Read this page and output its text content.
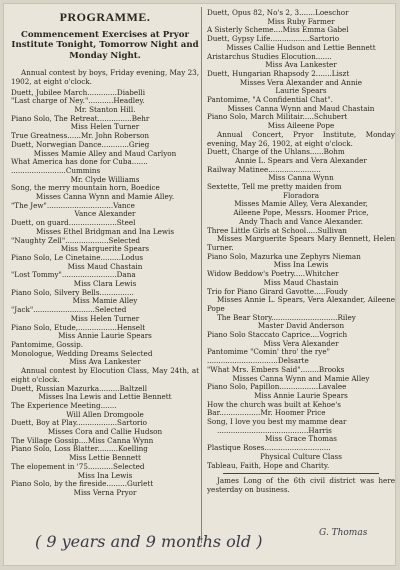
PROGRAMME.
Commencement Exercises at Pryor Institute Tonight, Tomorrow Night and Monday Night.
Annual contest by boys, Friday evening, May 23, 1902, at eight o'clock.
Duett, Jubilee March.............Diabelli
"Last charge of Ney."...........Headley.
Mr. Stanton Hill.
Piano Solo, The Retreat...............Behr
Miss Helen Turner
True Greatness......Mr. John Roberson
Duett, Norwegian Dance............Grieg
Misses Mamie Alley and Maud Carlyon
What America has done for Cuba.......
........................Cummins
Mr. Clyde Williams
Song, the merry mountain horn, Boedice
Misses Canna Wynn and Mamie Alley.
"The Jew".............................Vance
Vance Alexander
Duett, on guard.....................Steel
Misses Ethel Bridgman and Ina Lewis
"Naughty Zell"...................Selected
Miss Marguerite Spears
Piano Solo, Le Cinetaine.........Lodus
Miss Maud Chastain
"Lost Tommy"........................Dana
Miss Clara Lewis
Piano Solo, Silvery Bells...............
Miss Mamie Alley
"Jack"...........................Selected
Miss Helen Turner
Piano Solo, Etude,.................Henselt
Miss Annie Laurie Spears
Pantomime, Gossip.
Monologue, Wedding Dreams Selected
Miss Ava Lankester
Annual contest by Elocution Class, May 24th, at eight o'clock.
Duett, Russian Mazurka.........Baltzell
Misses Ina Lewis and Lettie Bennett
The Experience Meeting.......
Will Allen Dromgoole
Duett, Boy at Play..................Sartorio
Misses Cora and Callie Hudson
The Village Gossip....Miss Canna Wynn
Piano Solo, Loss Blatter.........Koelling
Miss Lettie Bennett
The elopement in '75...........Selected
Miss Ina Lewis
Piano Solo, by the fireside.........Gurlett
Miss Verna Pryor
Duett, Opus 82, No's 2, 3.......Loeschor
Miss Ruby Farmer
A Sisterly Scheme....Miss Emma Gabel
Duett, Gypsy Life.................Sartorio
Misses Callie Hudson and Lettie Bennett
Aristarchus Studies Elocution.......
Miss Ava Lankester
Duett, Hungarian Rhapsody 2.......Liszt
Misses Vera Alexander and Annie
Laurie Spears
Pantomime, "A Confidential Chat".
Misses Canna Wynn and Maud Chastain
Piano Solo, March Militair.....Schubert
Miss Aileene Pope
Annual Concert, Pryor Institute, Monday evening, May 26, 1902, at eight o'clock.
Duett, Charge of the Uhlans......Bohm
Annie L. Spears and Vera Alexander
Railway Matinee.......................
Miss Canna Wynn
Sextette, Tell me pretty maiden from
Floradora
Misses Mamie Alley, Vera Alexander,
Aileene Pope, Messrs. Hoomer Price,
Andy Thach and Vance Alexander.
Three Little Girls at School.....Sullivan
Misses Marguerite Spears Mary Bennett, Helen Turner.
Piano Solo, Mazurka une Zephyrs Nieman
Miss Ina Lewis
Widow Beddow's Poetry.....Whitcher
Miss Maud Chastain
Trio for Piano Girard Gavotte.....Foudy
Misses Annie L. Spears, Vera Alexander, Aileene Pope
The Bear Story.............................Riley
Master David Anderson
Piano Solo Staccato Caprice....Vogrich
Miss Vera Alexander
Pantomime "Comin' thro' the rye"
...............................Delsarte
"What Mrs. Embers Said"........Brooks
Misses Canna Wynn and Mamie Alley
Piano Solo, Papillon.................Lavalee
Miss Annie Laurie Spears
How the church was built at Kehoe's
Bar..................Mr. Hoomer Price
Song, I love you best my mamme dear
........................................Harris
Miss Grace Thomas
Plastique Roses.............................
Physical Culture Class
Tableau, Faith, Hope and Charity.
James Long of the 6th civil district was here yesterday on business.
( 9 years and 9 months old )	G. Thomas
